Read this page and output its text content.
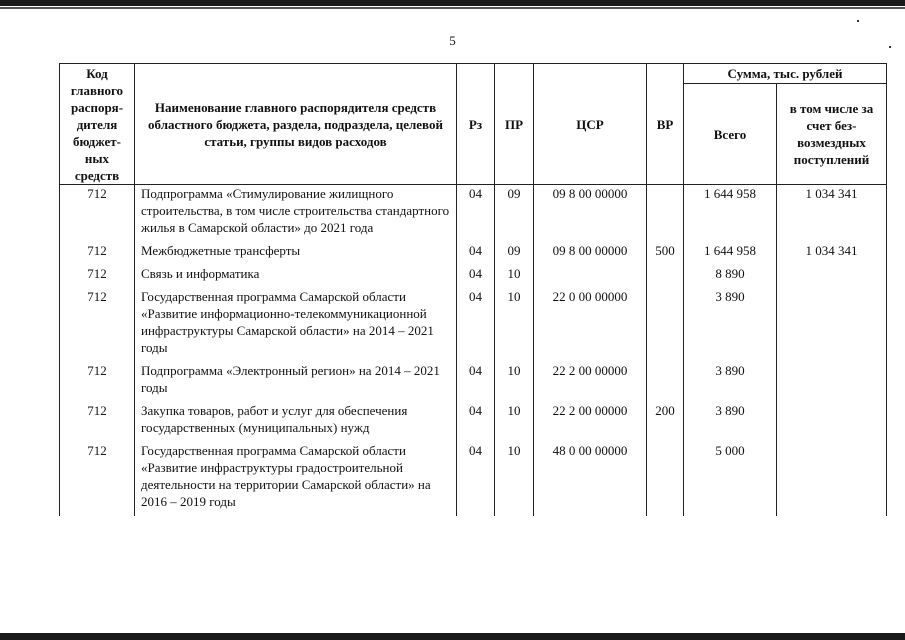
5
Код главного распоря-дителя бюджет-ных средств	Наименование главного распорядителя средств областного бюджета, раздела, подраздела, целевой статьи, группы видов расходов	Рз	ПР	ЦСР	ВР	Сумма, тыс. рублей	
						Всего	в том числе за счет без-возмездных поступлений
712	Подпрограмма «Стимулирование жилищного строительства, в том числе строительства стандартного жилья в Самарской области» до 2021 года	04	09	09 8 00 00000		1 644 958	1 034 341
712	Межбюджетные трансферты	04	09	09 8 00 00000	500	1 644 958	1 034 341
712	Связь и информатика	04	10			8 890	
712	Государственная программа Самарской области «Развитие информационно-телекоммуникационной инфраструктуры Самарской области» на 2014 – 2021 годы	04	10	22 0 00 00000		3 890	
712	Подпрограмма «Электронный регион» на 2014 – 2021 годы	04	10	22 2 00 00000		3 890	
712	Закупка товаров, работ и услуг для обеспечения государственных (муниципальных) нужд	04	10	22 2 00 00000	200	3 890	
712	Государственная программа Самарской области «Развитие инфраструктуры градостроительной деятельности на территории Самарской области» на 2016 – 2019 годы	04	10	48 0 00 00000		5 000	
